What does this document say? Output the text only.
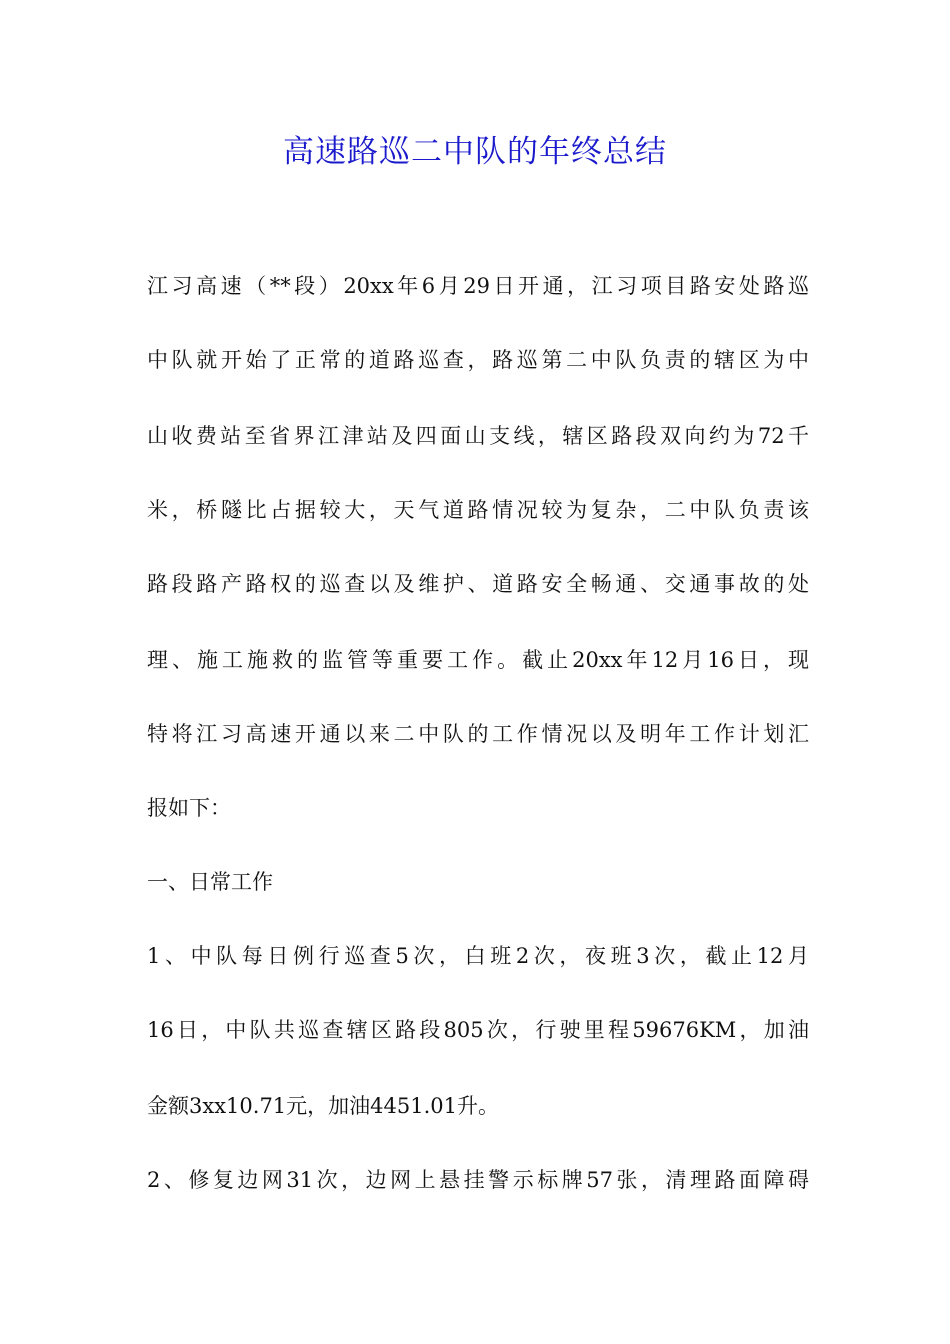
高速路巡二中队的年终总结

江习高速（**段）20xx年6月29日开通，江习项目路安处路巡

中队就开始了正常的道路巡查，路巡第二中队负责的辖区为中

山收费站至省界江津站及四面山支线，辖区路段双向约为72千

米，桥隧比占据较大，天气道路情况较为复杂，二中队负责该

路段路产路权的巡查以及维护、道路安全畅通、交通事故的处

理、施工施救的监管等重要工作。截止20xx年12月16日，现

特将江习高速开通以来二中队的工作情况以及明年工作计划汇

报如下：

一、日常工作

1、中队每日例行巡查5次，白班2次，夜班3次，截止12月

16日，中队共巡查辖区路段805次，行驶里程59676KM，加油

金额3xx10.71元，加油4451.01升。

2、修复边网31次，边网上悬挂警示标牌57张，清理路面障碍
